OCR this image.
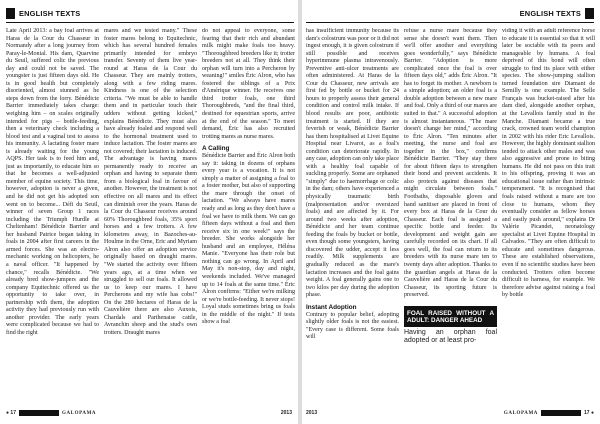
ENGLISH TEXTS

Late April 2013: a bay foal arrives at Haras de la Cour du Chasseur in Normandy after a long journey from Paray-le-Monial. His dam, Quarvine du Seuil, suffered colic the previous day and could not be saved. The youngster is just fifteen days old. He is in good health but completely disoriented, almost stunned as he steps down from the lorry. Bénédicte Barrier immediately takes charge: weighing him – on scales originally intended for pigs – bottle-feeding, then a veterinary check including a blood test and a vaginal test to assess his immunity. A lactating foster mare is already waiting for the young AQPS. Her task is to feed him and, just as importantly, to educate him so that he becomes a well-adjusted member of equine society. This time, however, adoption is never a given, and he did not get his adopted son went on to become... Défi du Seuil, winner of seven Group 1 races including the Triumph Hurdle at Cheltenham! Bénédicte Barrier and her husband Patrice began taking in foals in 2004 after first careers in the armed forces. She was an electro-mechanic working on helicopters, he a naval officer. "It happened by chance," recalls Bénédicte. "We already bred show-jumpers and the company Equitechnic offered us the opportunity to take over, in partnership with them, the adoption activity they had previously run with another provider. The early years were complicated because we had to find the right

mares and we tested many." These foster mares belong to Equitechnic, which has several hundred females primarily intended for embryo transfer. Seventy of them live year-round at Haras de la Cour du Chasseur. They are mainly trotters, along with a few riding mares. Kindness is one of the selection criteria. "We must be able to handle them and in particular touch their udders without getting kicked," explains Bénédicte. They must also have already foaled and respond well to the hormonal treatment used to induce lactation. The foster mares are not covered; their lactation is induced. The advantage is having mares permanently ready to receive an orphan and having to separate them from a biological foal in favour of another. However, the treatment is not effective on all mares and its effect can diminish over the years. Haras de la Cour du Chasseur receives around 60% Thoroughbred foals, 35% sport horses and a few trotters. A few kilometres away, in Bazoches-au-Houlme in the Orne, Eric and Myriam Alron also offer an adoption service originally based on draught mares. "We started the activity over fifteen years ago, at a time when we struggled to sell our foals. It allowed us to keep our mares. I have Percherons and my wife has cobs!" On the 280 hectares of Haras de la Cauvelière there are also Auxois, Chardals and Parthenaise cattle, Avranchin sheep and the stud's own trotters. Draught mares

do not appeal to everyone, some fearing that their rich and abundant milk might make foals too heavy. "Thoroughbred breeders like it; trotter breeders not at all. They think their orphan will turn into a Percheron by weaning!" smiles Éric Alron, who has fostered the siblings of a Prix d'Amérique winner. He receives one third trotter foals, one third Thoroughbreds, "and the final third, destined for equestrian sports, arrive at the end of the season." To meet demand, Éric has also recruited trotting mares as nurse mares.

A Calling

Bénédicte Barrier and Éric Alron both say it: taking in dozens of orphans every year is a vocation. It is not simply a matter of assigning a foal to a foster mother, but also of supporting the mare through the onset of lactation. "We always have mares ready and as long as they don't have a foal we have to milk them. We can go fifteen days without a foal and then receive six in one week!" says the breeder. She works alongside her husband and an employee, Héléna Manie. "Everyone has their role but nothing can go wrong. In April and May it's non-stop, day and night, weekends included. We've managed up to 14 foals at the same time." Éric Alron confirms: "Either we're milking or we're bottle-feeding. It never stops! Loyal studs sometimes bring us foals in the middle of the night." If tests show a foal

● 17	GALOPAMA	2013
ENGLISH TEXTS

has insufficient immunity because its dam's colostrum was poor or it did not ingest enough, it is given colostrum if still possible and receives hyperimmune plasma intravenously. Preventive anti-ulcer treatments are often administered. At Haras de la Cour du Chasseur, new arrivals are first fed by bottle or bucket for 24 hours to properly assess their general condition and control milk intake. If blood results are poor, antibiotic treatment is started. If they are feverish or weak, Bénédicte Barrier has them hospitalised at Livet Equine Hospital near Livarot, as a foal's condition can deteriorate rapidly. In any case, adoption can only take place with a healthy foal capable of suckling properly. Some are orphaned "simply" due to haemorrhage or colic in the dam; others have experienced a physically traumatic birth (malpresentation and/or oversized foals) and are affected by it. For around two weeks after adoption, Bénédicte and her team continue feeding the foals by bucket or bottle, even though some youngsters, having discovered the udder, accept it less readily. Milk supplements are gradually reduced as the mare's lactation increases and the foal gains weight. A foal generally gains one to two kilos per day during the adoption phase.

Instant Adoption

Contrary to popular belief, adopting slightly older foals is not the easiest. "Every case is different. Some foals will

refuse a nurse mare because they sense she doesn't want them. Then we'll offer another and everything goes wonderfully," says Bénédicte Barrier. "Adoption is more complicated once the foal is over fifteen days old," adds Éric Alron. "It has to forget its mother. A newborn is a simple adoption; an older foal is a double adoption between a new mare and foal. Only a third of our mares are suited to that." A successful adoption is almost instantaneous. "The mare doesn't change her mind," according to Éric Alron. "Ten minutes after meeting, the nurse and foal are together in the box," confirms Bénédicte Barrier. "They stay there for about fifteen days to strengthen their bond and prevent accidents. It also protects against diseases that might circulate between foals." Footbaths, disposable gloves and hand sanitiser are placed in front of every box at Haras de la Cour du Chasseur. Each foal is assigned a specific bottle and feeder. Its development and weight gain are carefully recorded on its chart. If all goes well, the foal can return to its breeders with its nurse mare ten to twenty days after adoption. Thanks to the guardian angels at Haras de la Cauvelière and Haras de la Cour du Chasseur, its sporting future is preserved.

FOAL RAISED WITHOUT A ADULT: DANGER AHEAD
Having an orphan foal adopted or at least pro-

viding it with an adult reference horse to educate it is essential so that it will later be sociable with its peers and manageable by humans. A foal deprived of this bond will often struggle to find its place with either species. The show-jumping stallion turned foundation sire Diamant de Semilly is one example. The Selle Français was bucket-raised after his dam died, alongside another orphan, at the Levallois family stud in the Manche. Diamant became a true crack, crowned team world champion in 2002 with his rider Eric Levallois. However, the highly dominant stallion tended to attack other males and was also aggressive and prone to biting humans. He did not pass on this trait to his offspring, proving it was an educational issue rather than intrinsic temperament. "It is recognised that foals raised without a mare are too close to humans, whom they eventually consider as fellow horses and easily push around," explains Dr Valérie Picandet, neonatology specialist at Livet Equine Hospital in Calvados. "They are often difficult to educate and sometimes dangerous. These are established observations, even if no scientific studies have been conducted. Trotters often become difficult to harness, for example. We therefore advise against raising a foal by bottle

2013	GALOPAMA	17 ●
